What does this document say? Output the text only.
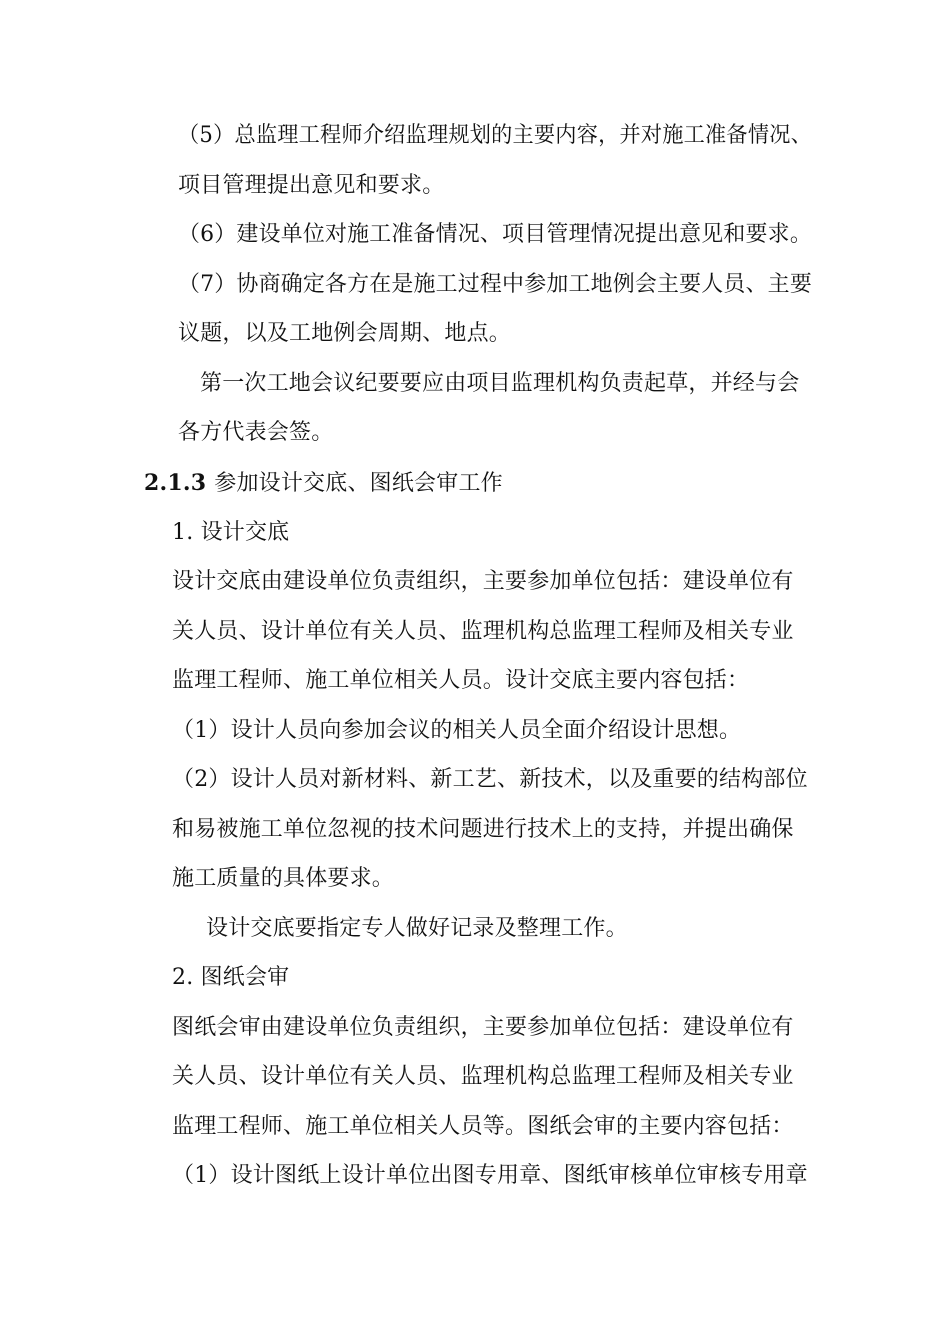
（5）总监理工程师介绍监理规划的主要内容，并对施工准备情况、
项目管理提出意见和要求。
（6）建设单位对施工准备情况、项目管理情况提出意见和要求。
（7）协商确定各方在是施工过程中参加工地例会主要人员、主要
议题，以及工地例会周期、地点。
第一次工地会议纪要要应由项目监理机构负责起草，并经与会
各方代表会签。
2.1.3 参加设计交底、图纸会审工作
1. 设计交底
设计交底由建设单位负责组织，主要参加单位包括：建设单位有
关人员、设计单位有关人员、监理机构总监理工程师及相关专业
监理工程师、施工单位相关人员。设计交底主要内容包括：
（1）设计人员向参加会议的相关人员全面介绍设计思想。
（2）设计人员对新材料、新工艺、新技术，以及重要的结构部位
和易被施工单位忽视的技术问题进行技术上的支持，并提出确保
施工质量的具体要求。
设计交底要指定专人做好记录及整理工作。
2. 图纸会审
图纸会审由建设单位负责组织，主要参加单位包括：建设单位有
关人员、设计单位有关人员、监理机构总监理工程师及相关专业
监理工程师、施工单位相关人员等。图纸会审的主要内容包括：
（1）设计图纸上设计单位出图专用章、图纸审核单位审核专用章
